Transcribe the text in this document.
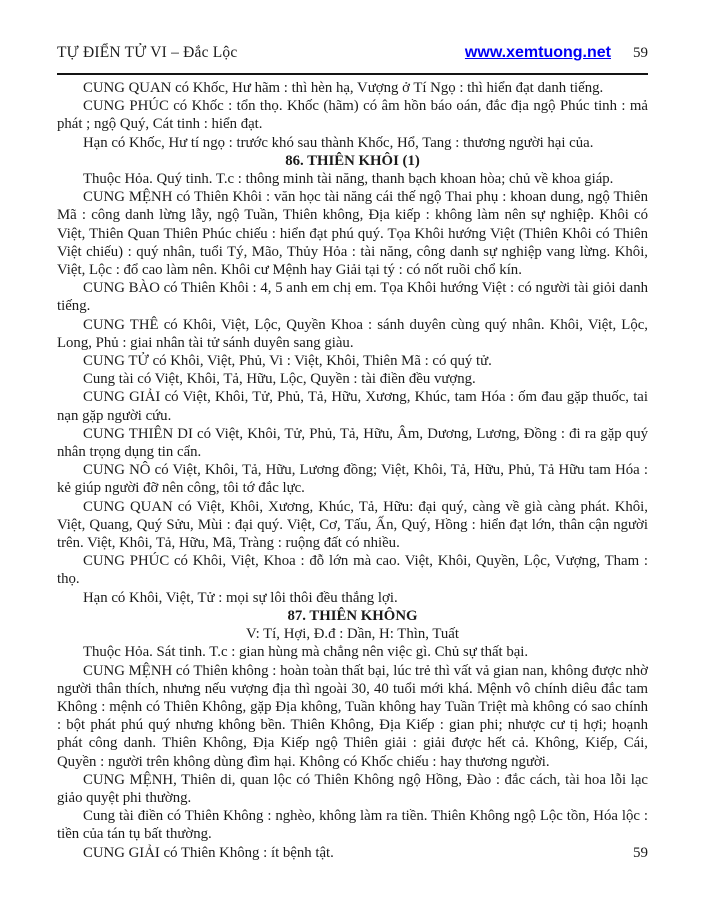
TỰ ĐIỂN TỬ VI – Đắc Lộc	www.xemtuong.net 59

CUNG QUAN có Khốc, Hư hãm : thì hèn hạ, Vượng ở Tí Ngọ : thì hiển đạt danh tiếng.

CUNG PHÚC có Khốc : tổn thọ. Khốc (hãm) có âm hồn báo oán, đắc địa ngộ Phúc tinh : mả phát ; ngộ Quý, Cát tinh : hiển đạt.

Hạn có Khốc, Hư tí ngọ : trước khó sau thành Khốc, Hổ, Tang : thương người hại của.

86. THIÊN KHÔI (1)

Thuộc Hỏa. Quý tinh. T.c : thông minh tài năng, thanh bạch khoan hòa; chủ về khoa giáp.

CUNG MỆNH có Thiên Khôi : văn học tài năng cái thế ngộ Thai phụ : khoan dung, ngộ Thiên Mã : công danh lừng lẫy, ngộ Tuần, Thiên không, Địa kiếp : không làm nên sự nghiệp. Khôi có Việt, Thiên Quan Thiên Phúc chiếu : hiển đạt phú quý. Tọa Khôi hướng Việt (Thiên Khôi có Thiên Việt chiếu) : quý nhân, tuổi Tý, Mão, Thủy Hỏa : tài năng, công danh sự nghiệp vang lừng. Khôi, Việt, Lộc : đổ cao làm nên. Khôi cư Mệnh hay Giải tại tý : có nốt ruồi chổ kín.

CUNG BÀO có Thiên Khôi : 4, 5 anh em chị em. Tọa Khôi hướng Việt : có người tài giỏi danh tiếng.

CUNG THÊ có Khôi, Việt, Lộc, Quyền Khoa : sánh duyên cùng quý nhân. Khôi, Việt, Lộc, Long, Phủ : giai nhân tài tử sánh duyên sang giàu.

CUNG TỬ có Khôi, Việt, Phủ, Vi : Việt, Khôi, Thiên Mã : có quý tử.

Cung tài có Việt, Khôi, Tả, Hữu, Lộc, Quyền : tài điền đều vượng.

CUNG GIẢI có Việt, Khôi, Tử, Phủ, Tả, Hữu, Xương, Khúc, tam Hóa : ốm đau gặp thuốc, tai nạn gặp người cứu.

CUNG THIÊN DI có Việt, Khôi, Tử, Phủ, Tả, Hữu, Âm, Dương, Lương, Đồng : đi ra gặp quý nhân trọng dụng tin cẩn.

CUNG NÔ có Việt, Khôi, Tả, Hữu, Lương đồng; Việt, Khôi, Tả, Hữu, Phủ, Tả Hữu tam Hóa : kẻ giúp người đỡ nên công, tôi tớ đắc lực.

CUNG QUAN có Việt, Khôi, Xương, Khúc, Tả, Hữu: đại quý, càng về già càng phát. Khôi, Việt, Quang, Quý Sửu, Mùi : đại quý. Việt, Cơ, Tấu, Ấn, Quý, Hồng : hiển đạt lớn, thân cận người trên. Việt, Khôi, Tả, Hữu, Mã, Tràng : ruộng đất có nhiều.

CUNG PHÚC có Khôi, Việt, Khoa : đỗ lớn mà cao. Việt, Khôi, Quyền, Lộc, Vượng, Tham : thọ.

Hạn có Khôi, Việt, Tử : mọi sự lôi thôi đều thắng lợi.

87. THIÊN KHÔNG

V: Tí, Hợi, Đ.đ : Dần, H: Thìn, Tuất

Thuộc Hỏa. Sát tinh. T.c : gian hùng mà chẳng nên việc gì. Chủ sự thất bại.

CUNG MỆNH có Thiên không : hoàn toàn thất bại, lúc trẻ thì vất vả gian nan, không được nhờ người thân thích, nhưng nếu vượng địa thì ngoài 30, 40 tuổi mới khá. Mệnh vô chính diêu đắc tam Không : mệnh có Thiên Không, gặp Địa không, Tuần không hay Tuần Triệt mà không có sao chính : bột phát phú quý nhưng không bền. Thiên Không, Địa Kiếp : gian phi; nhược cư tị hợi; hoạnh phát công danh. Thiên Không, Địa Kiếp ngộ Thiên giải : giải được hết cả. Không, Kiếp, Cái, Quyền : người trên không dùng đìm hại. Không có Khốc chiếu : hay thương người.

CUNG MỆNH, Thiên di, quan lộc có Thiên Không ngộ Hồng, Đào : đắc cách, tài hoa lỗi lạc giảo quyệt phi thường.

Cung tài điền có Thiên Không : nghèo, không làm ra tiền. Thiên Không ngộ Lộc tồn, Hóa lộc : tiền của tán tụ bất thường.

CUNG GIẢI có Thiên Không : ít bệnh tật.	59
